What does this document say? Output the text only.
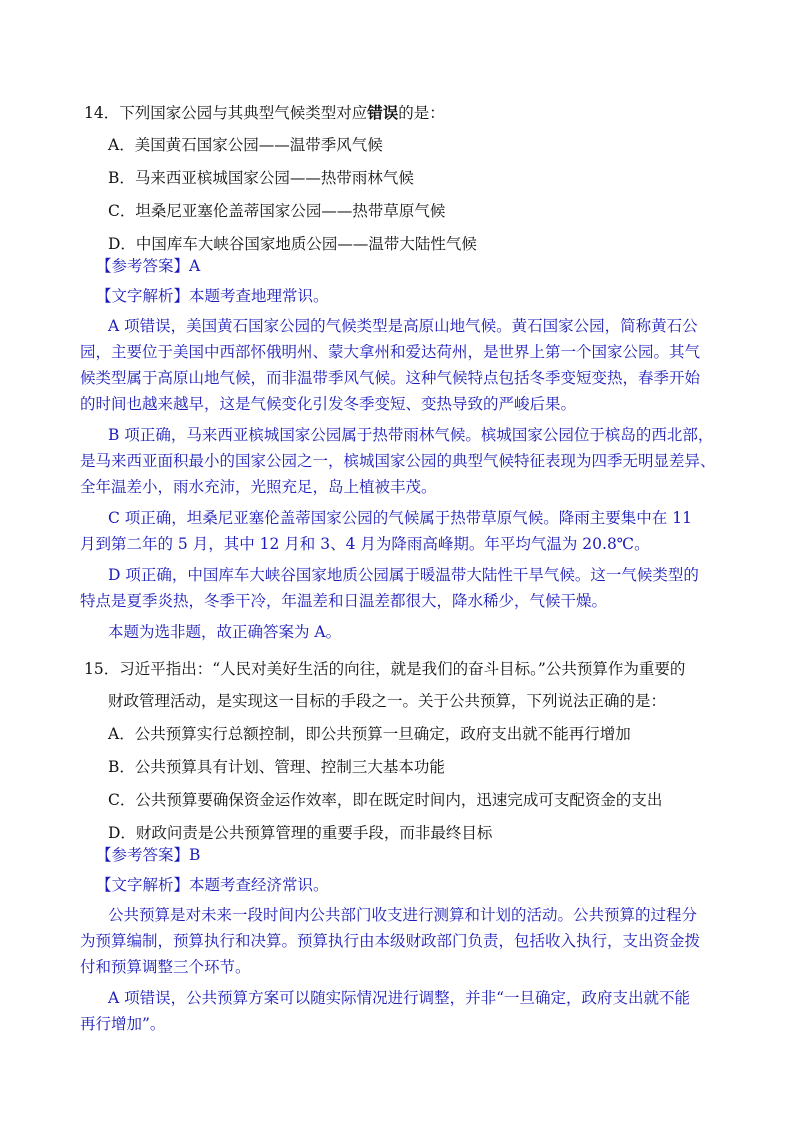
14．下列国家公园与其典型气候类型对应错误的是：
A．美国黄石国家公园——温带季风气候
B．马来西亚槟城国家公园——热带雨林气候
C．坦桑尼亚塞伦盖蒂国家公园——热带草原气候
D．中国库车大峡谷国家地质公园——温带大陆性气候
【参考答案】A
【文字解析】本题考查地理常识。
A 项错误，美国黄石国家公园的气候类型是高原山地气候。黄石国家公园，简称黄石公
园，主要位于美国中西部怀俄明州、蒙大拿州和爱达荷州，是世界上第一个国家公园。其气
候类型属于高原山地气候，而非温带季风气候。这种气候特点包括冬季变短变热，春季开始
的时间也越来越早，这是气候变化引发冬季变短、变热导致的严峻后果。
B 项正确，马来西亚槟城国家公园属于热带雨林气候。槟城国家公园位于槟岛的西北部，
是马来西亚面积最小的国家公园之一，槟城国家公园的典型气候特征表现为四季无明显差异、
全年温差小，雨水充沛，光照充足，岛上植被丰茂。
C 项正确，坦桑尼亚塞伦盖蒂国家公园的气候属于热带草原气候。降雨主要集中在 11
月到第二年的 5 月，其中 12 月和 3、4 月为降雨高峰期。年平均气温为 20.8℃。
D 项正确，中国库车大峡谷国家地质公园属于暖温带大陆性干旱气候。这一气候类型的
特点是夏季炎热，冬季干冷，年温差和日温差都很大，降水稀少，气候干燥。
本题为选非题，故正确答案为 A。
15．习近平指出：“人民对美好生活的向往，就是我们的奋斗目标。”公共预算作为重要的
财政管理活动，是实现这一目标的手段之一。关于公共预算，下列说法正确的是：
A．公共预算实行总额控制，即公共预算一旦确定，政府支出就不能再行增加
B．公共预算具有计划、管理、控制三大基本功能
C．公共预算要确保资金运作效率，即在既定时间内，迅速完成可支配资金的支出
D．财政问责是公共预算管理的重要手段，而非最终目标
【参考答案】B
【文字解析】本题考查经济常识。
公共预算是对未来一段时间内公共部门收支进行测算和计划的活动。公共预算的过程分
为预算编制，预算执行和决算。预算执行由本级财政部门负责，包括收入执行，支出资金拨
付和预算调整三个环节。
A 项错误，公共预算方案可以随实际情况进行调整，并非“一旦确定，政府支出就不能
再行增加”。
